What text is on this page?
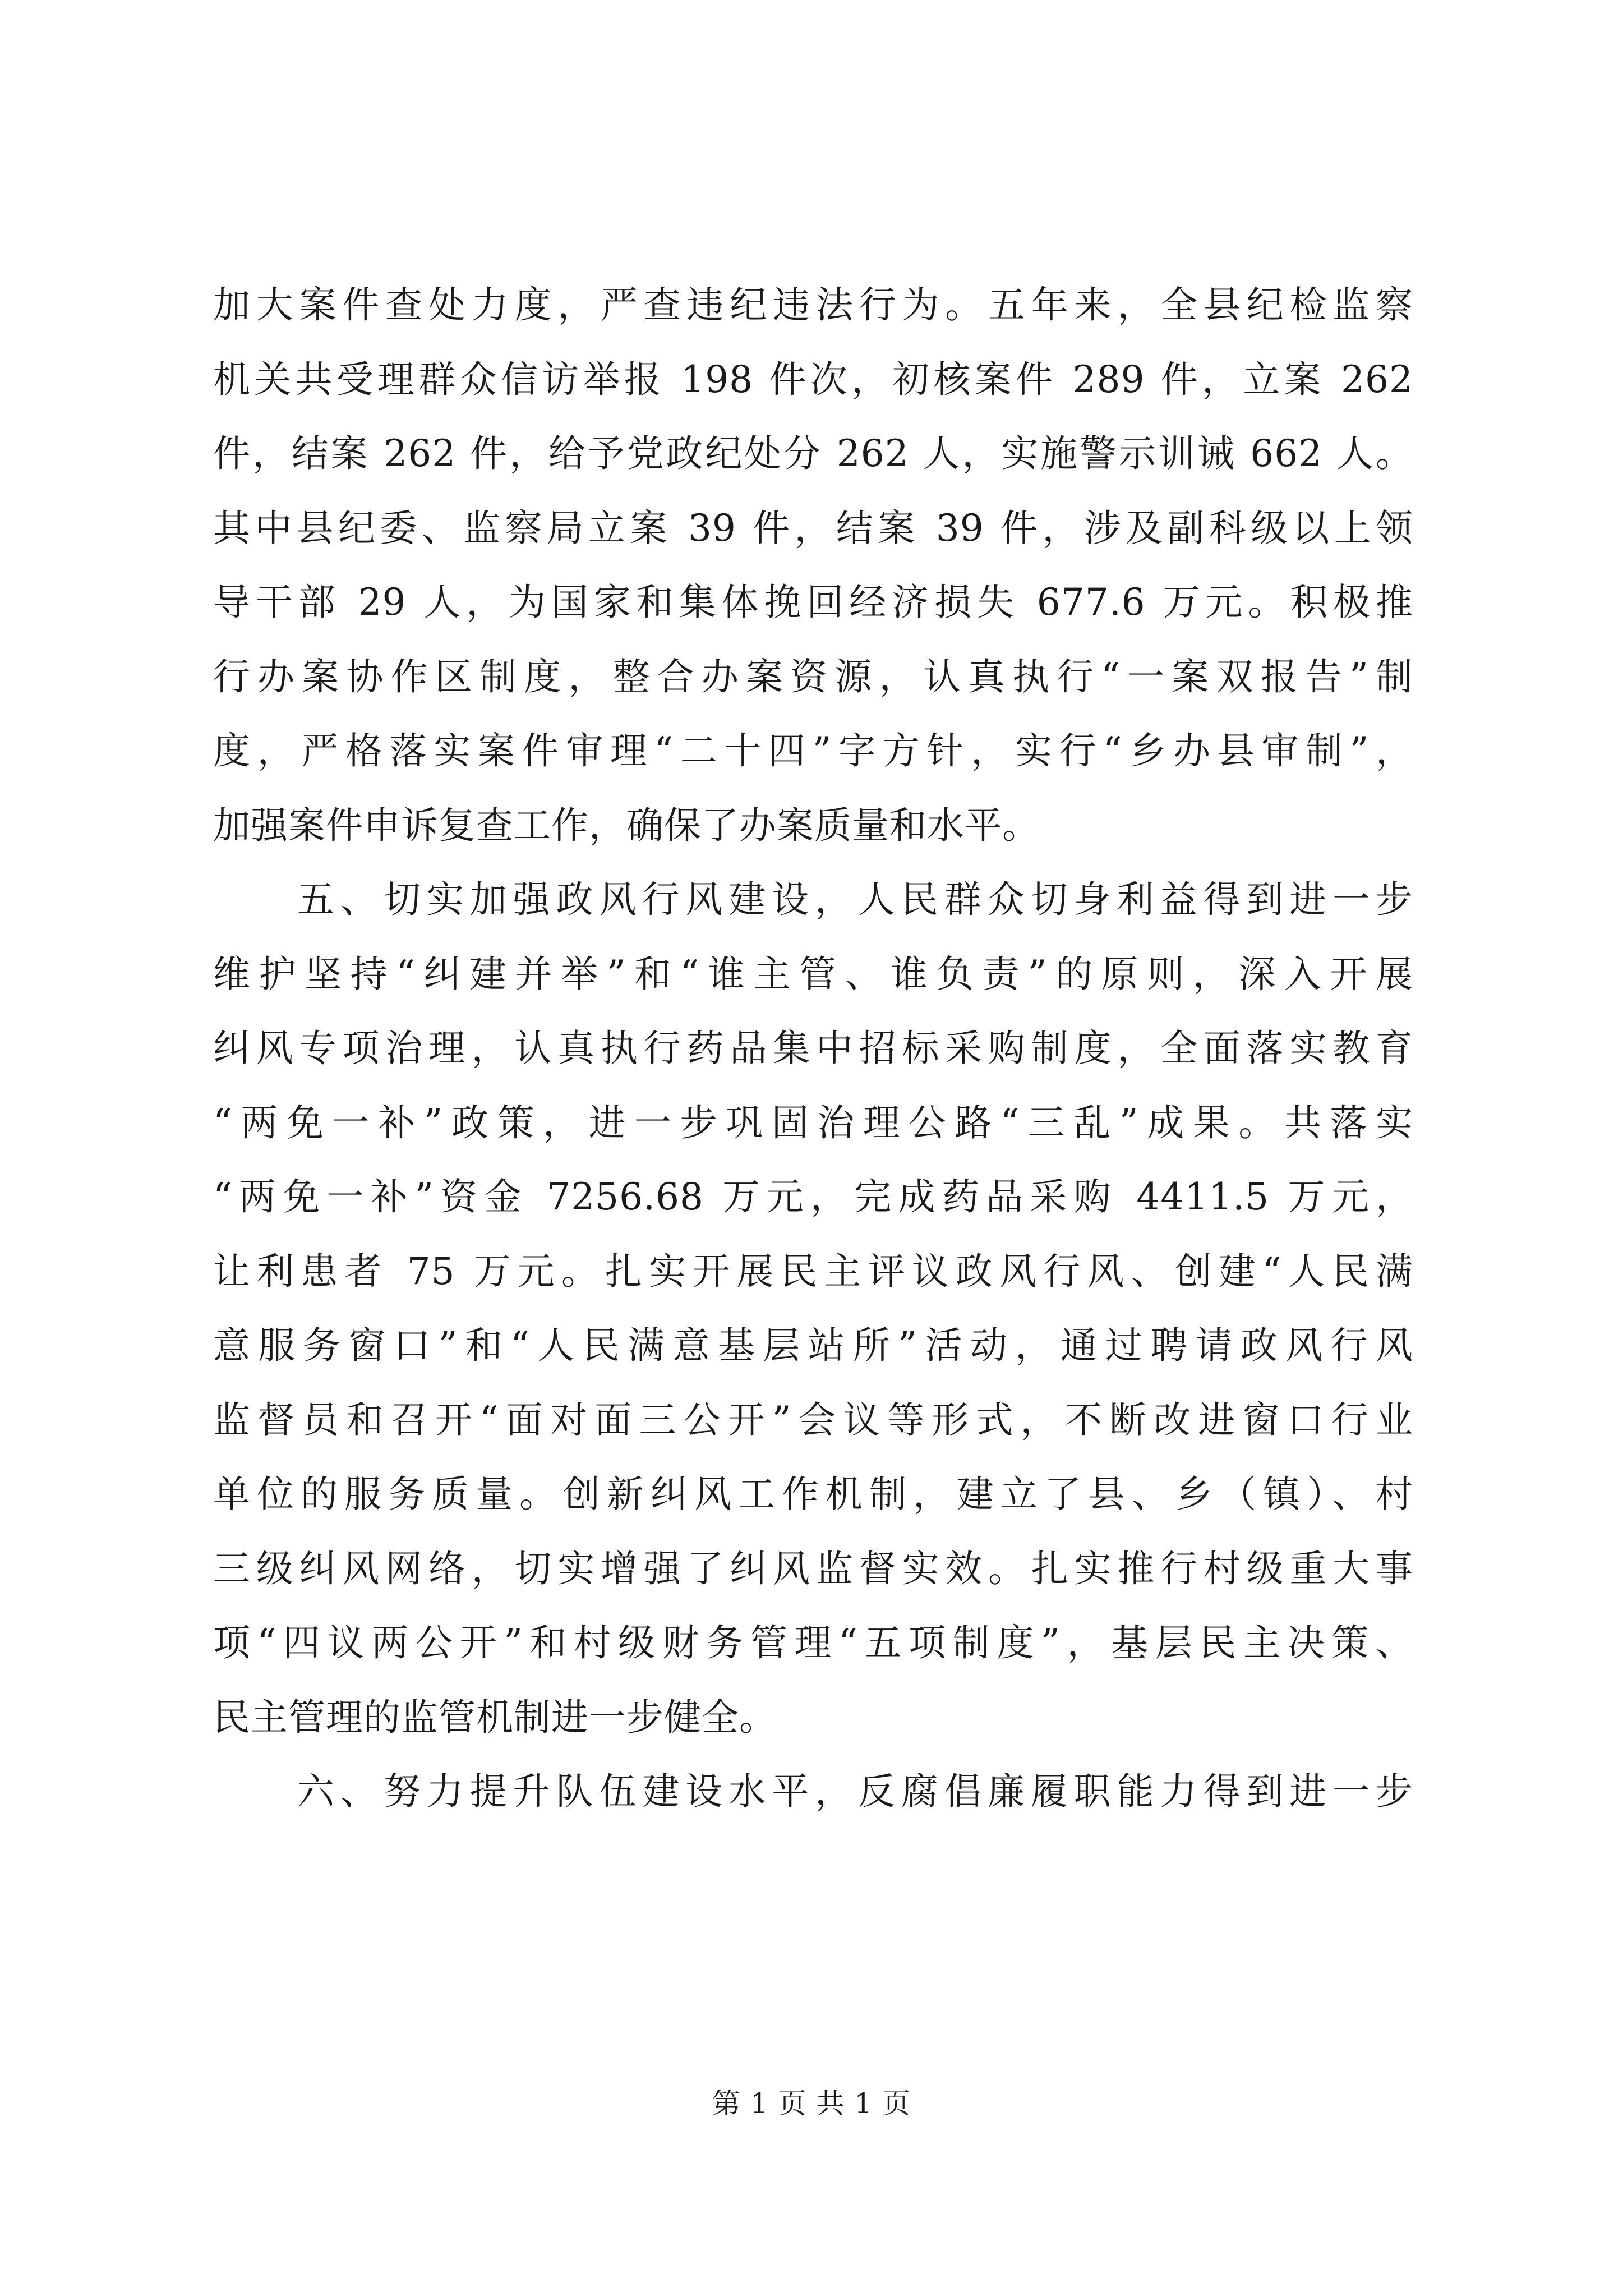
加大案件查处力度，严查违纪违法行为。五年来，全县纪检监察
机关共受理群众信访举报 198 件次，初核案件 289 件，立案 262
件，结案 262 件，给予党政纪处分 262 人，实施警示训诫 662 人。
其中县纪委、监察局立案 39 件，结案 39 件，涉及副科级以上领
导干部 29 人，为国家和集体挽回经济损失 677.6 万元。积极推
行办案协作区制度，整合办案资源，认真执行“一案双报告”制
度，严格落实案件审理“二十四”字方针，实行“乡办县审制”，
加强案件申诉复查工作，确保了办案质量和水平。
五、切实加强政风行风建设，人民群众切身利益得到进一步
维护坚持“纠建并举”和“谁主管、谁负责”的原则，深入开展
纠风专项治理，认真执行药品集中招标采购制度，全面落实教育
“两免一补”政策，进一步巩固治理公路“三乱”成果。共落实
“两免一补”资金 7256.68 万元，完成药品采购 4411.5 万元，
让利患者 75 万元。扎实开展民主评议政风行风、创建“人民满
意服务窗口”和“人民满意基层站所”活动，通过聘请政风行风
监督员和召开“面对面三公开”会议等形式，不断改进窗口行业
单位的服务质量。创新纠风工作机制，建立了县、乡（镇）、村
三级纠风网络，切实增强了纠风监督实效。扎实推行村级重大事
项“四议两公开”和村级财务管理“五项制度”，基层民主决策、
民主管理的监管机制进一步健全。
六、努力提升队伍建设水平，反腐倡廉履职能力得到进一步
第 1 页 共 1 页
